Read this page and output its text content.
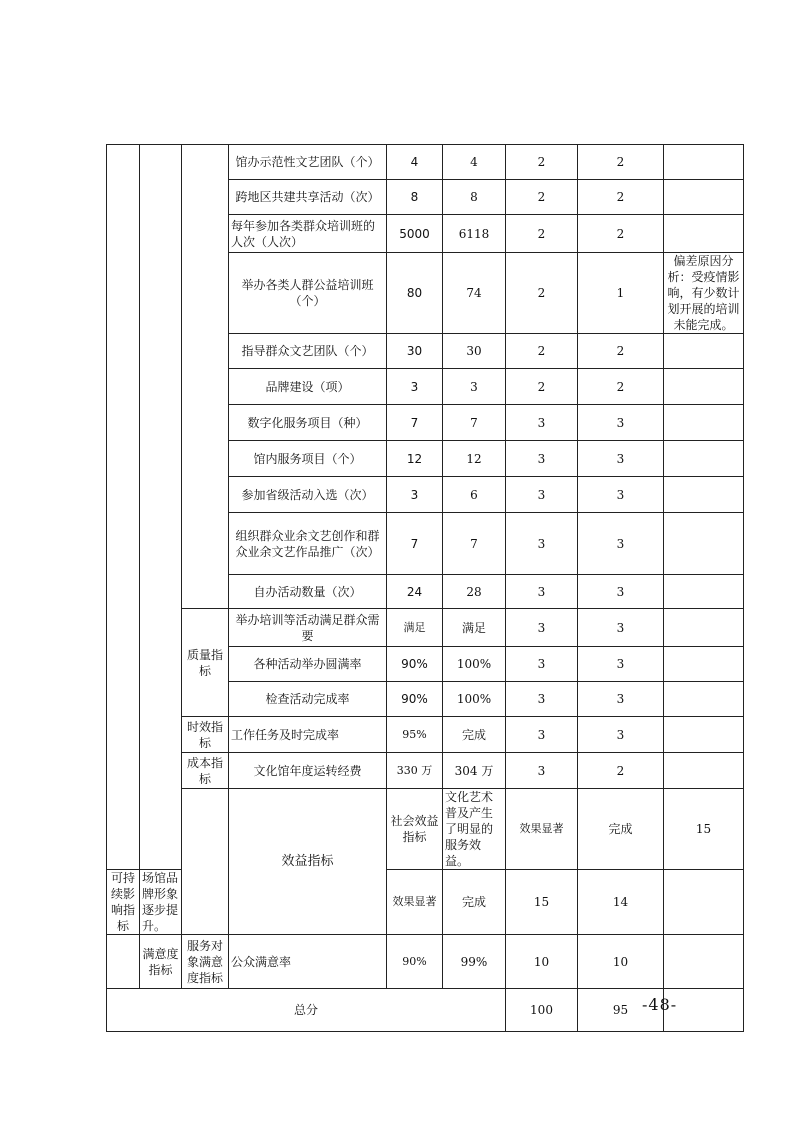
			馆办示范性文艺团队（个）	4	4	2	2		
			跨地区共建共享活动（次）	8	8	2	2		
			每年参加各类群众培训班的人次（人次）	5000	6118	2	2		
			举办各类人群公益培训班（个）	80	74	2	1	偏差原因分析：受疫情影响，有少数计划开展的培训未能完成。	
			指导群众文艺团队（个）	30	30	2	2		
			品牌建设（项）	3	3	2	2		
			数字化服务项目（种）	7	7	3	3		
			馆内服务项目（个）	12	12	3	3		
			参加省级活动入选（次）	3	6	3	3		
			组织群众业余文艺创作和群众业余文艺作品推广（次）	7	7	3	3		
			自办活动数量（次）	24	28	3	3		
		质量指标	举办培训等活动满足群众需要	满足	满足	3	3		
			各种活动举办圆满率	90%	100%	3	3		
			检查活动完成率	90%	100%	3	3		
		时效指标	工作任务及时完成率	95%	完成	3	3		
		成本指标	文化馆年度运转经费	330 万	304 万	3	2		
			效益指标	社会效益指标	文化艺术普及产生了明显的服务效益。	效果显著	完成	15		
可持续影响指标	场馆品牌形象逐步提升。			效果显著	完成	15	14		
	满意度指标	服务对象满意度指标	公众满意率	90%	99%	10	10		
总分						100	95		-48-
